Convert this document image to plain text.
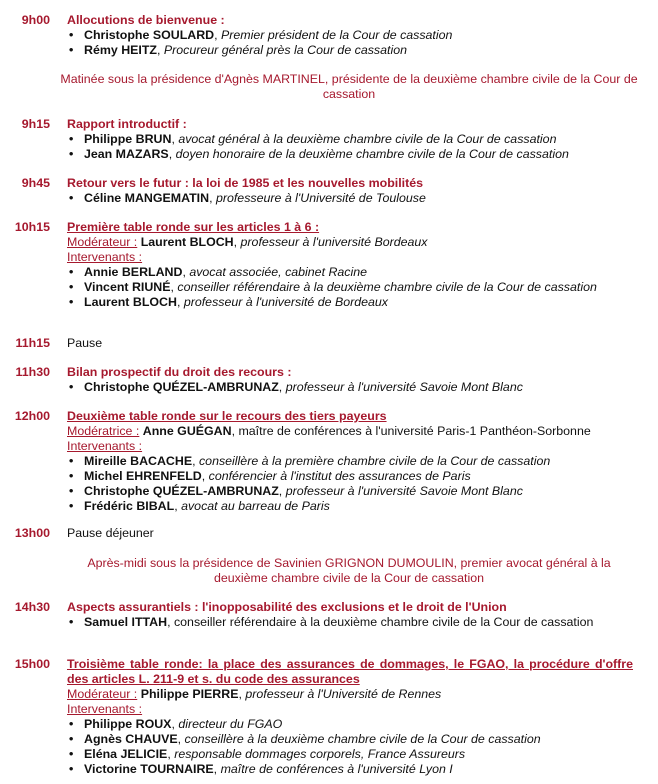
9h00 Allocutions de bienvenue :
• Christophe SOULARD, Premier président de la Cour de cassation
• Rémy HEITZ, Procureur général près la Cour de cassation
Matinée sous la présidence d'Agnès MARTINEL, présidente de la deuxième chambre civile de la Cour de cassation
9h15 Rapport introductif :
• Philippe BRUN, avocat général à la deuxième chambre civile de la Cour de cassation
• Jean MAZARS, doyen honoraire de la deuxième chambre civile de la Cour de cassation
9h45 Retour vers le futur : la loi de 1985 et les nouvelles mobilités
• Céline MANGEMATIN, professeure à l'Université de Toulouse
10h15 Première table ronde sur les articles 1 à 6 :
Modérateur : Laurent BLOCH, professeur à l'université Bordeaux
Intervenants :
• Annie BERLAND, avocat associée, cabinet Racine
• Vincent RIUNÉ, conseiller référendaire à la deuxième chambre civile de la Cour de cassation
• Laurent BLOCH, professeur à l'université de Bordeaux
11h15 Pause
11h30 Bilan prospectif du droit des recours :
• Christophe QUÉZEL-AMBRUNAZ, professeur à l'université Savoie Mont Blanc
12h00 Deuxième table ronde sur le recours des tiers payeurs
Modératrice : Anne GUÉGAN, maître de conférences à l'université Paris-1 Panthéon-Sorbonne
Intervenants :
• Mireille BACACHE, conseillère à la première chambre civile de la Cour de cassation
• Michel EHRENFELD, conférencier à l'institut des assurances de Paris
• Christophe QUÉZEL-AMBRUNAZ, professeur à l'université Savoie Mont Blanc
• Frédéric BIBAL, avocat au barreau de Paris
13h00 Pause déjeuner
Après-midi sous la présidence de Savinien GRIGNON DUMOULIN, premier avocat général à la deuxième chambre civile de la Cour de cassation
14h30 Aspects assurantiels : l'inopposabilité des exclusions et le droit de l'Union
• Samuel ITTAH, conseiller référendaire à la deuxième chambre civile de la Cour de cassation
15h00 Troisième table ronde: la place des assurances de dommages, le FGAO, la procédure d'offre des articles L. 211-9 et s. du code des assurances
Modérateur : Philippe PIERRE, professeur à l'Université de Rennes
Intervenants :
• Philippe ROUX, directeur du FGAO
• Agnès CHAUVE, conseillère à la deuxième chambre civile de la Cour de cassation
• Eléna JELICIE, responsable dommages corporels, France Assureurs
• Victorine TOURNAIRE, maître de conférences à l'université Lyon I
